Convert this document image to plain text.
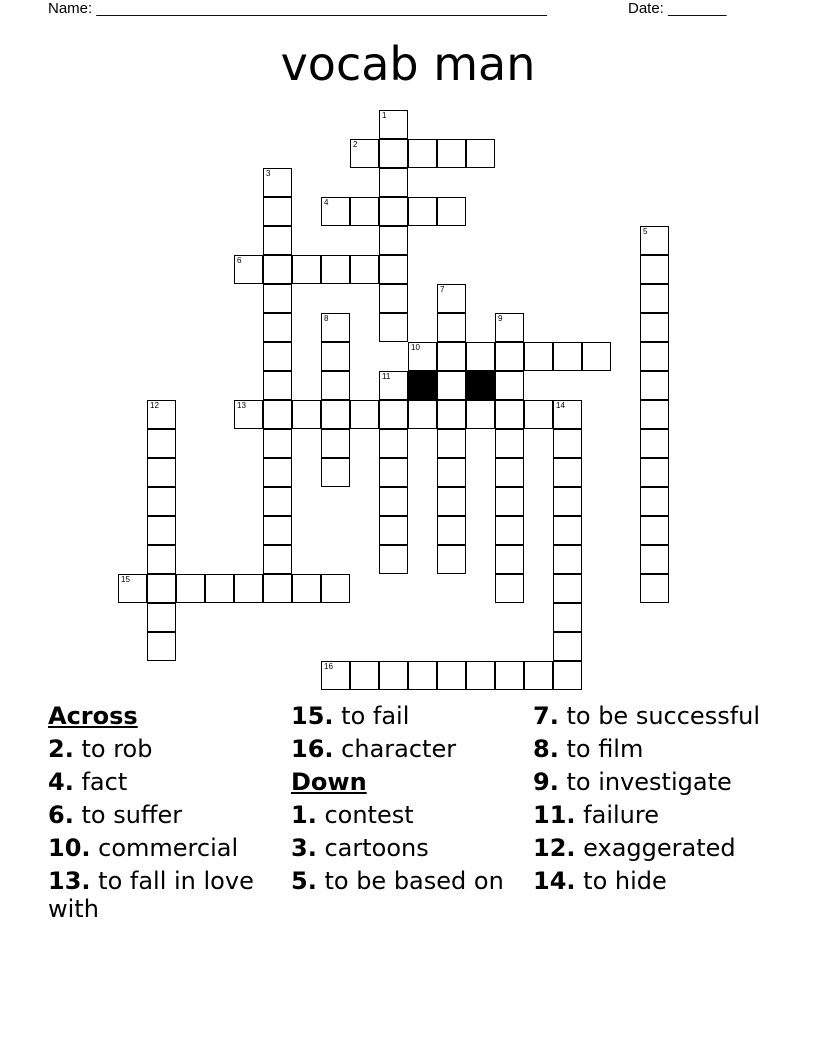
Name: ______________________________________________________	Date: _______
vocab man
1
2
3
4
5
6
7
8	9
10
11
12	13	14
15
16
Across
2. to rob
4. fact
6. to suffer
10. commercial
13. to fall in love with
15. to fail
16. character
Down
1. contest
3. cartoons
5. to be based on
7. to be successful
8. to film
9. to investigate
11. failure
12. exaggerated
14. to hide
